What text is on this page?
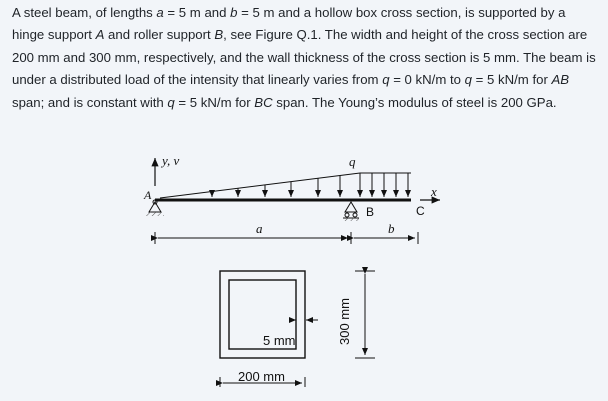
A steel beam, of lengths a = 5 m and b = 5 m and a hollow box cross section, is supported by a hinge support A and roller support B, see Figure Q.1. The width and height of the cross section are 200 mm and 300 mm, respectively, and the wall thickness of the cross section is 5 mm. The beam is under a distributed load of the intensity that linearly varies from q = 0 kN/m to q = 5 kN/m for AB span; and is constant with q = 5 kN/m for BC span. The Young’s modulus of steel is 200 GPa.

y, v	q
x
A
B	C
a	b
5 mm	300 mm
200 mm
